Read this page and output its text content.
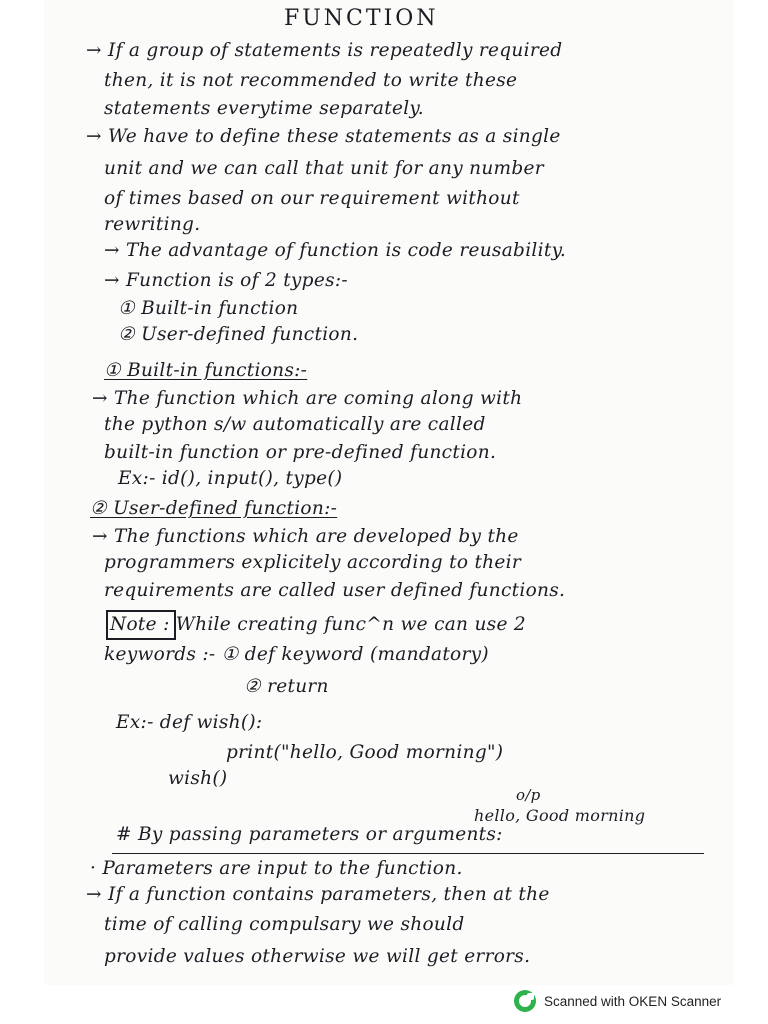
FUNCTION
→ If a group of statements is repeatedly required
then, it is not recommended to write these
statements everytime separately.
→ We have to define these statements as a single
unit and we can call that unit for any number
of times based on our requirement without
rewriting.
→ The advantage of function is code reusability.
→ Function is of 2 types:-
① Built-in function
② User-defined function.
① Built-in functions:-
→ The function which are coming along with
the python s/w automatically are called
built-in function or pre-defined function.
Ex:- id(), input(), type()
② User-defined function:-
→ The functions which are developed by the
programmers explicitely according to their
requirements are called user defined functions.
Note : While creating func^n we can use 2
keywords :- ① def keyword (mandatory)
② return
Ex:- def wish():
print("hello, Good morning")
wish()
o/p
hello, Good morning
# By passing parameters or arguments:
· Parameters are input to the function.
→ If a function contains parameters, then at the
time of calling compulsary we should
provide values otherwise we will get errors.
Scanned with OKEN Scanner
